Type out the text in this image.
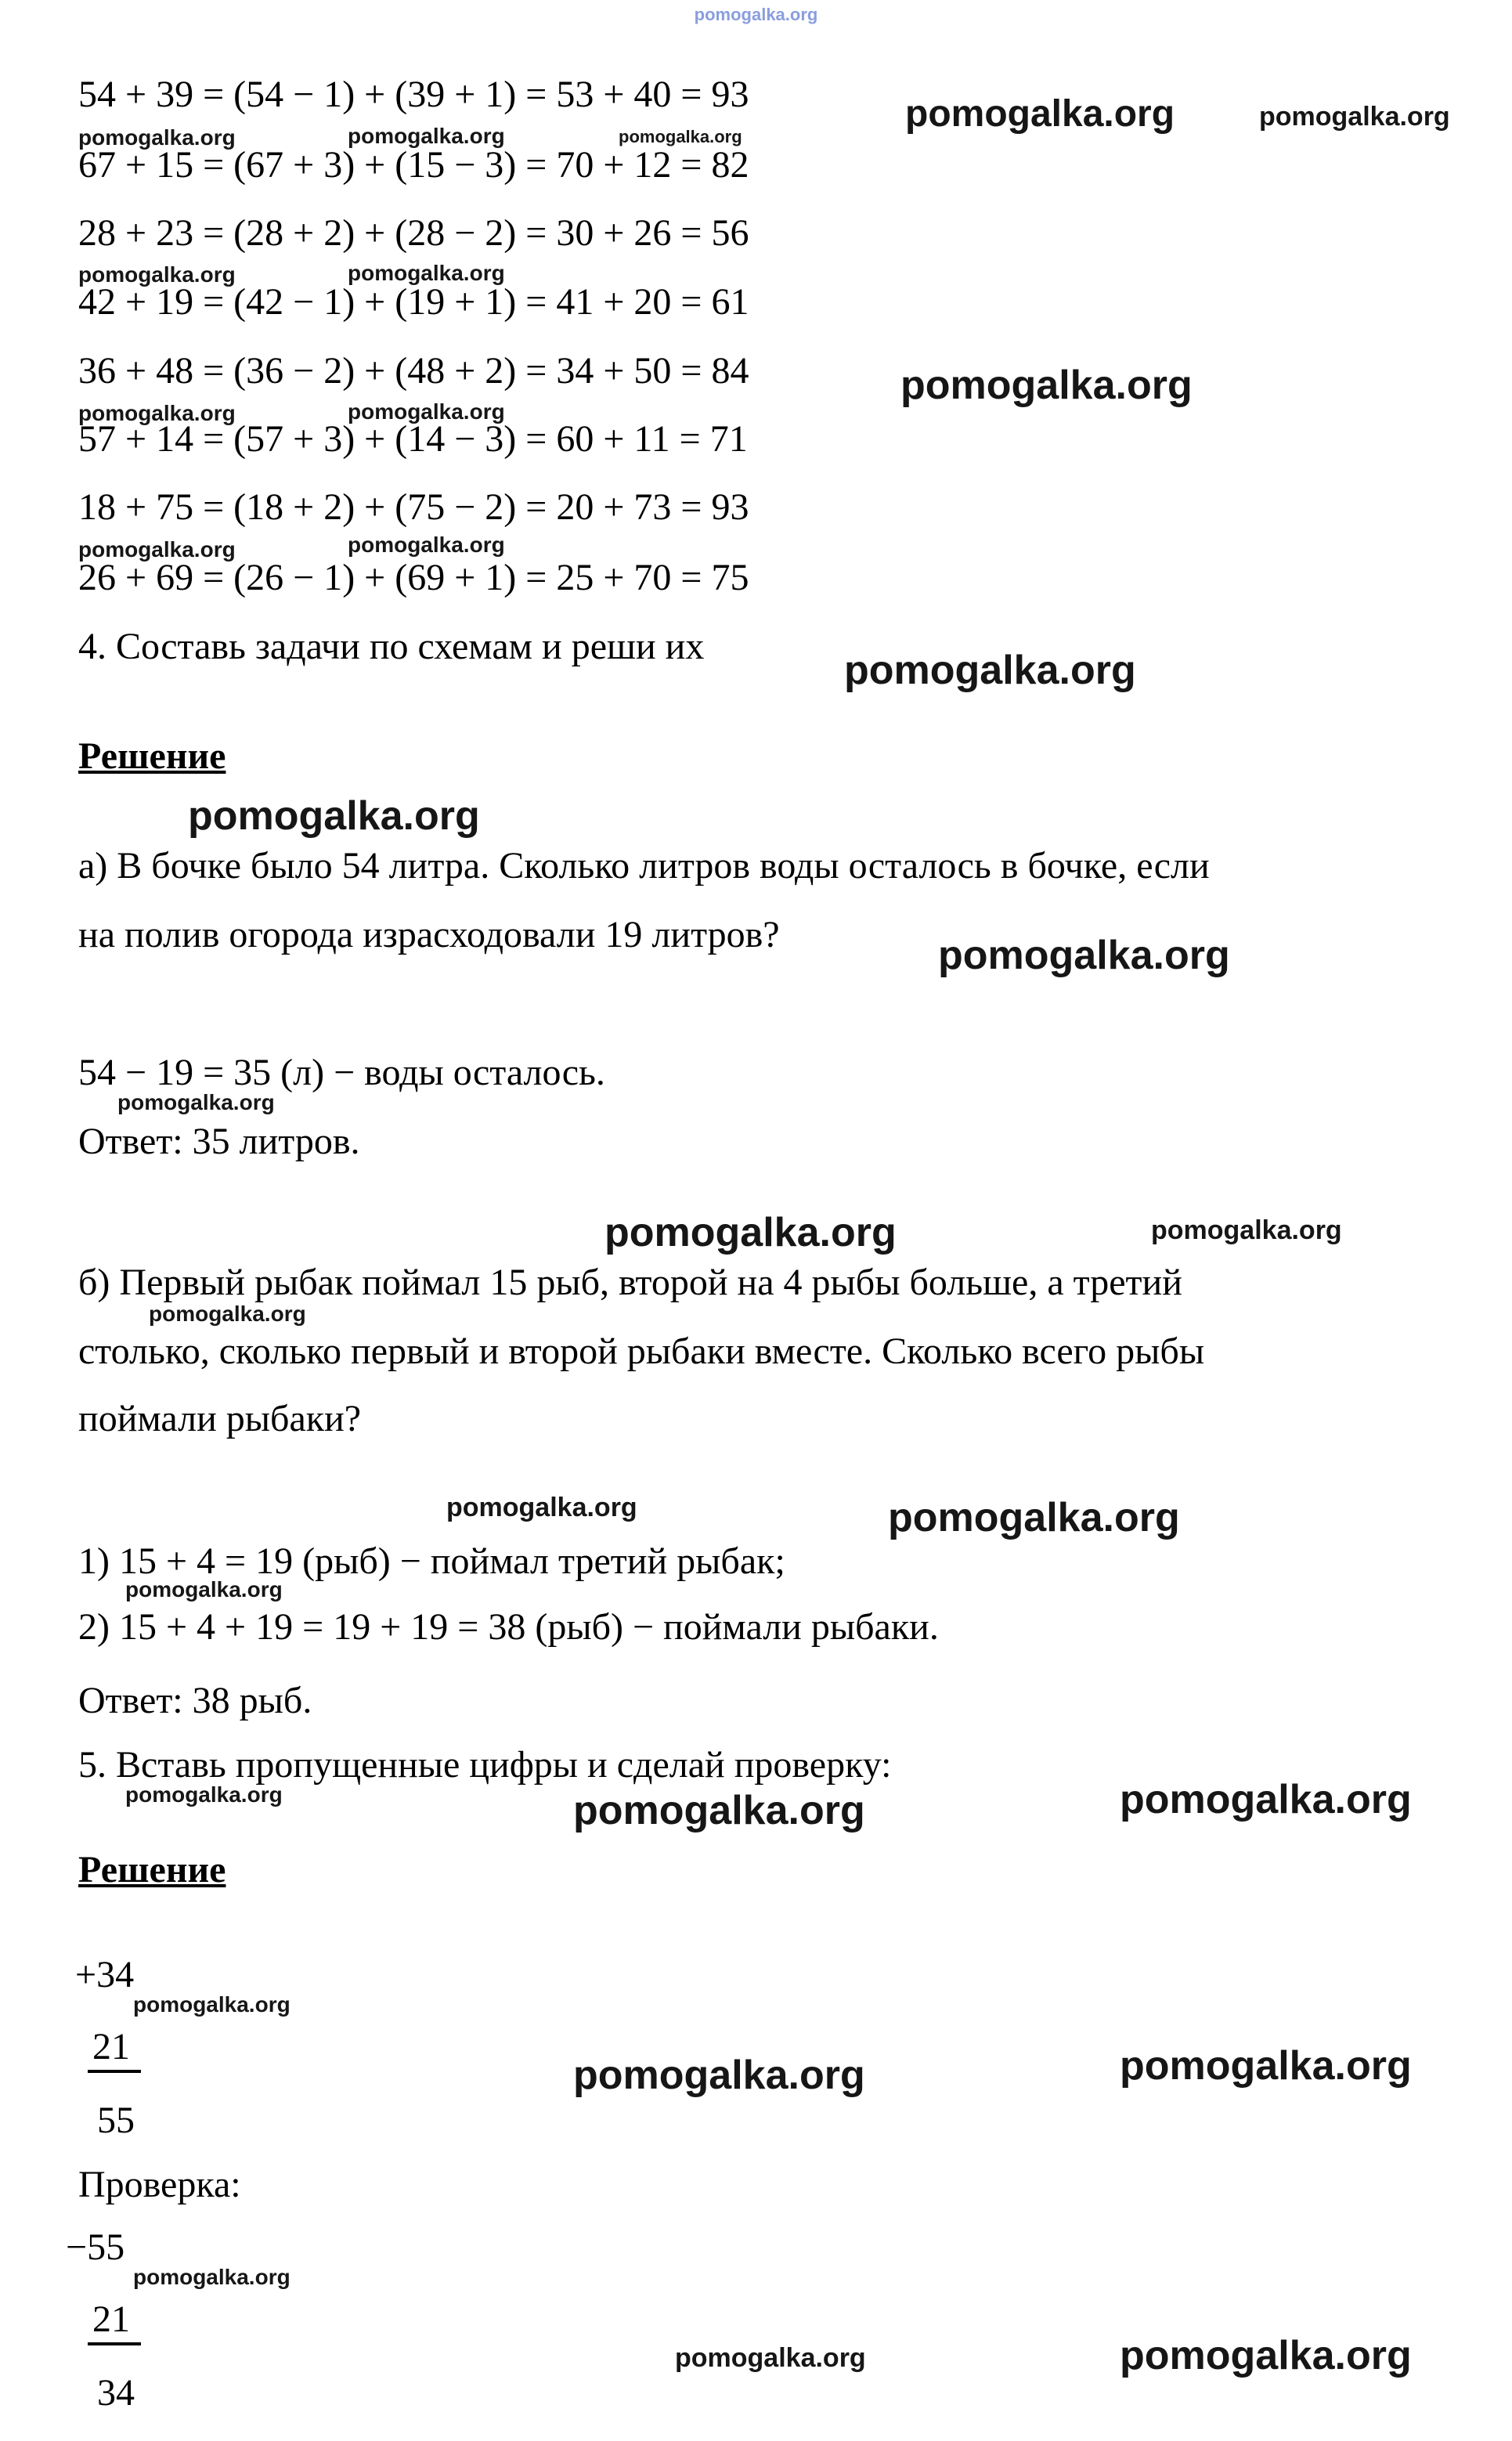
pomogalka.org
54 + 39 = (54 − 1) + (39 + 1) = 53 + 40 = 93	pomogalka.org	pomogalka.org
pomogalka.org	pomogalka.org	pomogalka.org
67 + 15 = (67 + 3) + (15 − 3) = 70 + 12 = 82
28 + 23 = (28 + 2) + (28 − 2) = 30 + 26 = 56
pomogalka.org	pomogalka.org
42 + 19 = (42 − 1) + (19 + 1) = 41 + 20 = 61
36 + 48 = (36 − 2) + (48 + 2) = 34 + 50 = 84	pomogalka.org
pomogalka.org	pomogalka.org
57 + 14 = (57 + 3) + (14 − 3) = 60 + 11 = 71
18 + 75 = (18 + 2) + (75 − 2) = 20 + 73 = 93
pomogalka.org	pomogalka.org
26 + 69 = (26 − 1) + (69 + 1) = 25 + 70 = 75
4. Составь задачи по схемам и реши их
pomogalka.org
Решение
pomogalka.org
а) В бочке было 54 литра. Сколько литров воды осталось в бочке, если
на полив огорода израсходовали 19 литров?	pomogalka.org
54 − 19 = 35 (л) − воды осталось.
pomogalka.org
Ответ: 35 литров.
pomogalka.org	pomogalka.org
б) Первый рыбак поймал 15 рыб, второй на 4 рыбы больше, а третий
pomogalka.org
столько, сколько первый и второй рыбаки вместе. Сколько всего рыбы
поймали рыбаки?
pomogalka.org	pomogalka.org
1) 15 + 4 = 19 (рыб) − поймал третий рыбак;
pomogalka.org
2) 15 + 4 + 19 = 19 + 19 = 38 (рыб) − поймали рыбаки.
Ответ: 38 рыб.
5. Вставь пропущенные цифры и сделай проверку:
pomogalka.org	pomogalka.org	pomogalka.org
Решение
+34
pomogalka.org
21
55
pomogalka.org	pomogalka.org
Проверка:
−55
pomogalka.org
21
34
pomogalka.org	pomogalka.org
